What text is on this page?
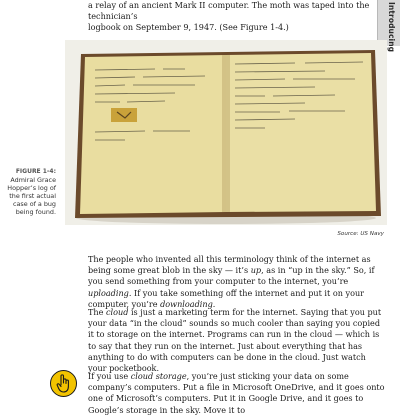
a relay of an ancient Mark II computer. The moth was taped into the technician’s
logbook on September 9, 1947. (See Figure 1-4.)	Introducing
FIGURE 1-4:
Admiral Grace Hopper’s log of the first actual case of a bug being found.
Source: US Navy

The people who invented all this terminology think of the internet as being some great blob in the sky — it’s up, as in “up in the sky.” So, if you send something from your computer to the internet, you’re uploading. If you take something off the internet and put it on your computer, you’re downloading.

The cloud is just a marketing term for the internet. Saying that you put your data “in the cloud” sounds so much cooler than saying you copied it to storage on the internet. Programs can run in the cloud — which is to say that they run on the internet. Just about everything that has anything to do with computers can be done in the cloud. Just watch your pocketbook.

If you use cloud storage, you’re just sticking your data on some company’s computers. Put a file in Microsoft OneDrive, and it goes onto one of Microsoft’s computers. Put it in Google Drive, and it goes to Google’s storage in the sky. Move it to
